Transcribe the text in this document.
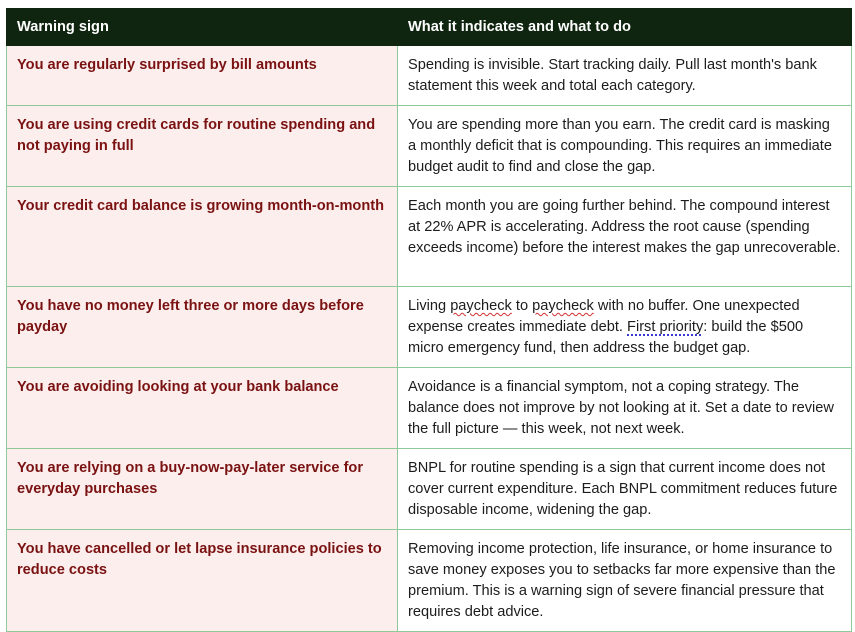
Warning sign	What it indicates and what to do
You are regularly surprised by bill amounts	Spending is invisible. Start tracking daily. Pull last month's bank statement this week and total each category.
You are using credit cards for routine spending and not paying in full	You are spending more than you earn. The credit card is masking a monthly deficit that is compounding. This requires an immediate budget audit to find and close the gap.
Your credit card balance is growing month-on-month	Each month you are going further behind. The compound interest at 22% APR is accelerating. Address the root cause (spending exceeds income) before the interest makes the gap unrecoverable.
You have no money left three or more days before payday	Living paycheck to paycheck with no buffer. One unexpected expense creates immediate debt. First priority: build the $500 micro emergency fund, then address the budget gap.
You are avoiding looking at your bank balance	Avoidance is a financial symptom, not a coping strategy. The balance does not improve by not looking at it. Set a date to review the full picture — this week, not next week.
You are relying on a buy-now-pay-later service for everyday purchases	BNPL for routine spending is a sign that current income does not cover current expenditure. Each BNPL commitment reduces future disposable income, widening the gap.
You have cancelled or let lapse insurance policies to reduce costs	Removing income protection, life insurance, or home insurance to save money exposes you to setbacks far more expensive than the premium. This is a warning sign of severe financial pressure that requires debt advice.
